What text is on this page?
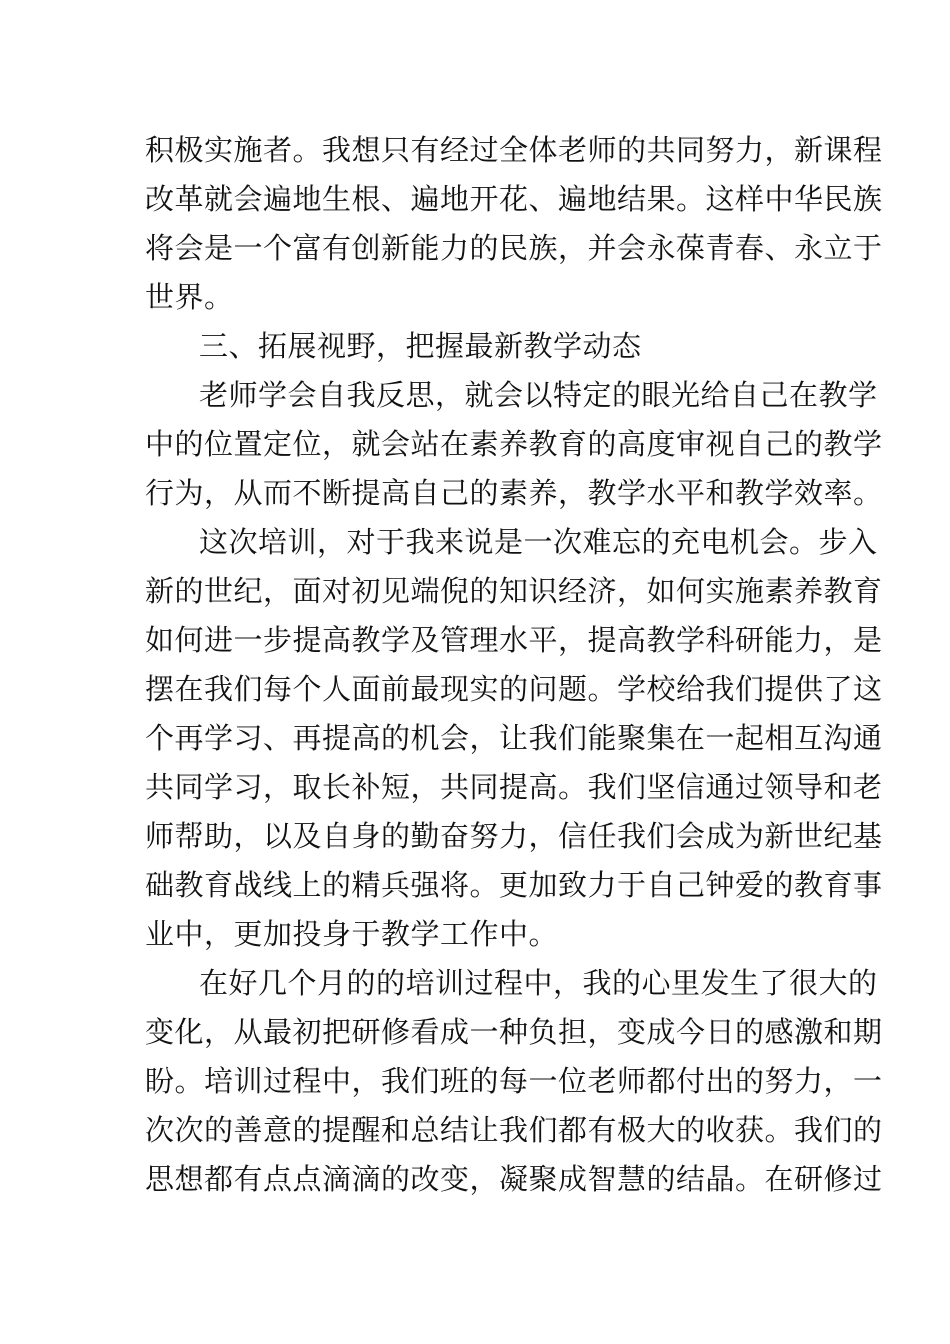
积极实施者。我想只有经过全体老师的共同努力，新课程
改革就会遍地生根、遍地开花、遍地结果。这样中华民族
将会是一个富有创新能力的民族，并会永葆青春、永立于
世界。
三、拓展视野，把握最新教学动态
老师学会自我反思，就会以特定的眼光给自己在教学
中的位置定位，就会站在素养教育的高度审视自己的教学
行为，从而不断提高自己的素养，教学水平和教学效率。
这次培训，对于我来说是一次难忘的充电机会。步入
新的世纪，面对初见端倪的知识经济，如何实施素养教育
如何进一步提高教学及管理水平，提高教学科研能力，是
摆在我们每个人面前最现实的问题。学校给我们提供了这
个再学习、再提高的机会，让我们能聚集在一起相互沟通
共同学习，取长补短，共同提高。我们坚信通过领导和老
师帮助，以及自身的勤奋努力，信任我们会成为新世纪基
础教育战线上的精兵强将。更加致力于自己钟爱的教育事
业中，更加投身于教学工作中。
在好几个月的的培训过程中，我的心里发生了很大的
变化，从最初把研修看成一种负担，变成今日的感激和期
盼。培训过程中，我们班的每一位老师都付出的努力，一
次次的善意的提醒和总结让我们都有极大的收获。我们的
思想都有点点滴滴的改变，凝聚成智慧的结晶。在研修过
